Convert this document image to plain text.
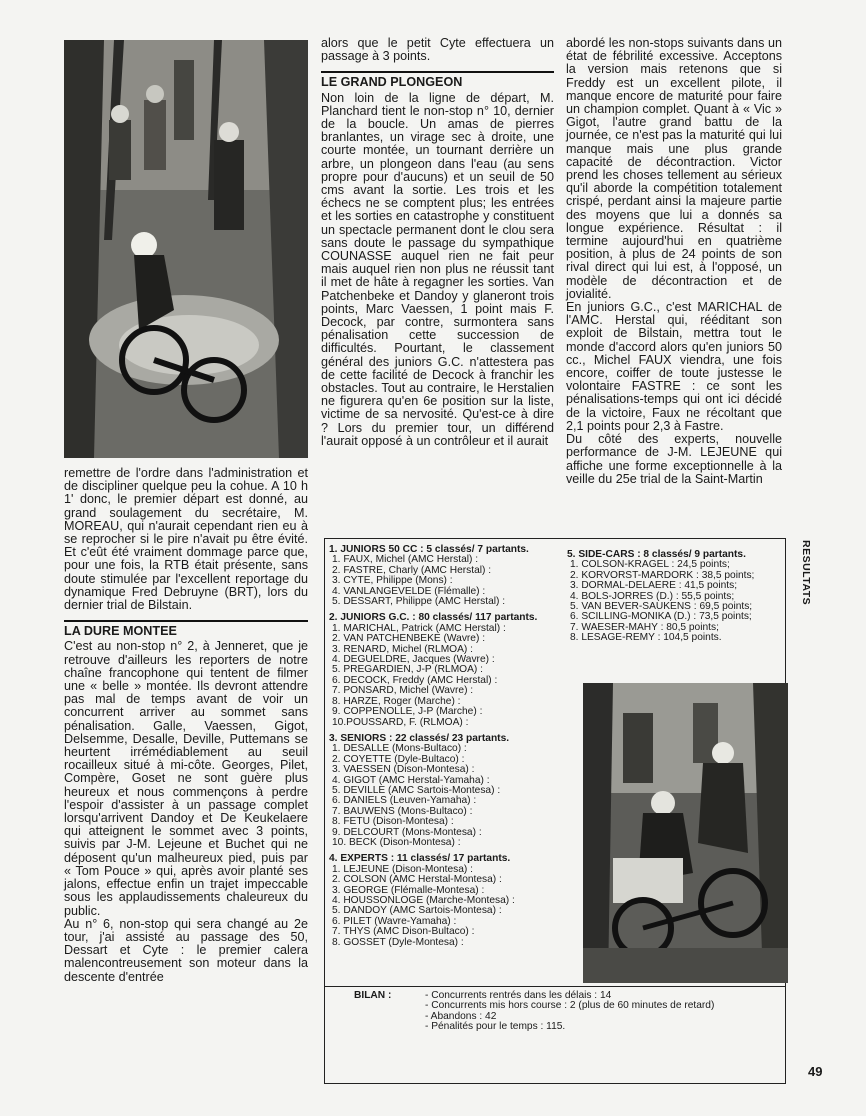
remettre de l'ordre dans l'administration et de discipliner quelque peu la cohue. A 10 h 1' donc, le premier départ est donné, au grand soulagement du secrétaire, M. MOREAU, qui n'aurait cependant rien eu à se reprocher si le pire n'avait pu être évité. Et c'eût été vraiment dommage parce que, pour une fois, la RTB était présente, sans doute stimulée par l'excellent reportage du dynamique Fred Debruyne (BRT), lors du dernier trial de Bilstain.

LA DURE MONTEE

C'est au non-stop n° 2, à Jenneret, que je retrouve d'ailleurs les reporters de notre chaîne francophone qui tentent de filmer une « belle » montée. Ils devront attendre pas mal de temps avant de voir un concurrent arriver au sommet sans pénalisation. Galle, Vaessen, Gigot, Delsemme, Desalle, Deville, Puttemans se heurtent irrémédiablement au seuil rocailleux situé à mi-côte. Georges, Pilet, Compère, Goset ne sont guère plus heureux et nous commençons à perdre l'espoir d'assister à un passage complet lorsqu'arrivent Dandoy et De Keukelaere qui atteignent le sommet avec 3 points, suivis par J-M. Lejeune et Buchet qui ne déposent qu'un malheureux pied, puis par « Tom Pouce » qui, après avoir planté ses jalons, effectue enfin un trajet impeccable sous les applaudissements chaleureux du public.

Au n° 6, non-stop qui sera changé au 2e tour, j'ai assisté au passage des 50, Dessart et Cyte : le premier calera malencontreusement son moteur dans la descente d'entrée

alors que le petit Cyte effectuera un passage à 3 points.

LE GRAND PLONGEON

Non loin de la ligne de départ, M. Planchard tient le non-stop n° 10, dernier de la boucle. Un amas de pierres branlantes, un virage sec à droite, une courte montée, un tournant derrière un arbre, un plongeon dans l'eau (au sens propre pour d'aucuns) et un seuil de 50 cms avant la sortie. Les trois et les échecs ne se comptent plus; les entrées et les sorties en catastrophe y constituent un spectacle permanent dont le clou sera sans doute le passage du sympathique COUNASSE auquel rien ne fait peur mais auquel rien non plus ne réussit tant il met de hâte à regagner les sorties. Van Patchenbeke et Dandoy y glaneront trois points, Marc Vaessen, 1 point mais F. Decock, par contre, surmontera sans pénalisation cette succession de difficultés. Pourtant, le classement général des juniors G.C. n'attestera pas de cette facilité de Decock à franchir les obstacles. Tout au contraire, le Herstalien ne figurera qu'en 6e position sur la liste, victime de sa nervosité. Qu'est-ce à dire ? Lors du premier tour, un différend l'aurait opposé à un contrôleur et il aurait

abordé les non-stops suivants dans un état de fébrilité excessive. Acceptons la version mais retenons que si Freddy est un excellent pilote, il manque encore de maturité pour faire un champion complet. Quant à « Vic » Gigot, l'autre grand battu de la journée, ce n'est pas la maturité qui lui manque mais une plus grande capacité de décontraction. Victor prend les choses tellement au sérieux qu'il aborde la compétition totalement crispé, perdant ainsi la majeure partie des moyens que lui a donnés sa longue expérience. Résultat : il termine aujourd'hui en quatrième position, à plus de 24 points de son rival direct qui lui est, à l'opposé, un modèle de décontraction et de jovialité.

En juniors G.C., c'est MARICHAL de l'AMC. Herstal qui, rééditant son exploit de Bilstain, mettra tout le monde d'accord alors qu'en juniors 50 cc., Michel FAUX viendra, une fois encore, coiffer de toute justesse le volontaire FASTRE : ce sont les pénalisations-temps qui ont ici décidé de la victoire, Faux ne récoltant que 2,1 points pour 2,3 à Fastre.

Du côté des experts, nouvelle performance de J-M. LEJEUNE qui affiche une forme exceptionnelle à la veille du 25e trial de la Saint-Martin

1. JUNIORS 50 CC : 5 classés/ 7 partants.
1. FAUX, Michel (AMC Herstal) :
2. FASTRE, Charly (AMC Herstal) :
3. CYTE, Philippe (Mons) :
4. VANLANGEVELDE (Flémalle) :
5. DESSART, Philippe (AMC Herstal) :
2. JUNIORS G.C. : 80 classés/ 117 partants.
1. MARICHAL, Patrick (AMC Herstal) :
2. VAN PATCHENBEKE (Wavre) :
3. RENARD, Michel (RLMOA) :
4. DEGUELDRE, Jacques (Wavre) :
5. PREGARDIEN, J-P (RLMOA) :
6. DECOCK, Freddy (AMC Herstal) :
7. PONSARD, Michel (Wavre) :
8. HARZE, Roger (Marche) :
9. COPPENOLLE, J-P (Marche) :
10.POUSSARD, F. (RLMOA) :
3. SENIORS : 22 classés/ 23 partants.
1. DESALLE (Mons-Bultaco) :
2. COYETTE (Dyle-Bultaco) :
3. VAESSEN (Dison-Montesa) :
4. GIGOT (AMC Herstal-Yamaha) :
5. DEVILLE (AMC Sartois-Montesa) :
6. DANIELS (Leuven-Yamaha) :
7. BAUWENS (Mons-Bultaco) :
8. FETU (Dison-Montesa) :
9. DELCOURT (Mons-Montesa) :
10. BECK (Dison-Montesa) :
4. EXPERTS : 11 classés/ 17 partants.
1. LEJEUNE (Dison-Montesa) :
2. COLSON (AMC Herstal-Montesa) :
3. GEORGE (Flémalle-Montesa) :
4. HOUSSONLOGE (Marche-Montesa) :
5. DANDOY (AMC Sartois-Montesa) :
6. PILET (Wavre-Yamaha) :
7. THYS (AMC Dison-Bultaco) :
8. GOSSET (Dyle-Montesa) :
5. SIDE-CARS : 8 classés/ 9 partants.
1. COLSON-KRAGEL : 24,5 points;
2. KORVORST-MARDORK : 38,5 points;
3. DORMAL-DELAERE : 41,5 points;
4. BOLS-JORRES (D.) : 55,5 points;
5. VAN BEVER-SAUKENS : 69,5 points;
6. SCILLING-MONIKA (D.) : 73,5 points;
7. WAESER-MAHY : 80,5 points;
8. LESAGE-REMY : 104,5 points.
BILAN :	- Concurrents rentrés dans les délais : 14
- Concurrents mis hors course : 2 (plus de 60 minutes de retard)
- Abandons : 42
- Pénalités pour le temps : 115.
RESULTATS
49
